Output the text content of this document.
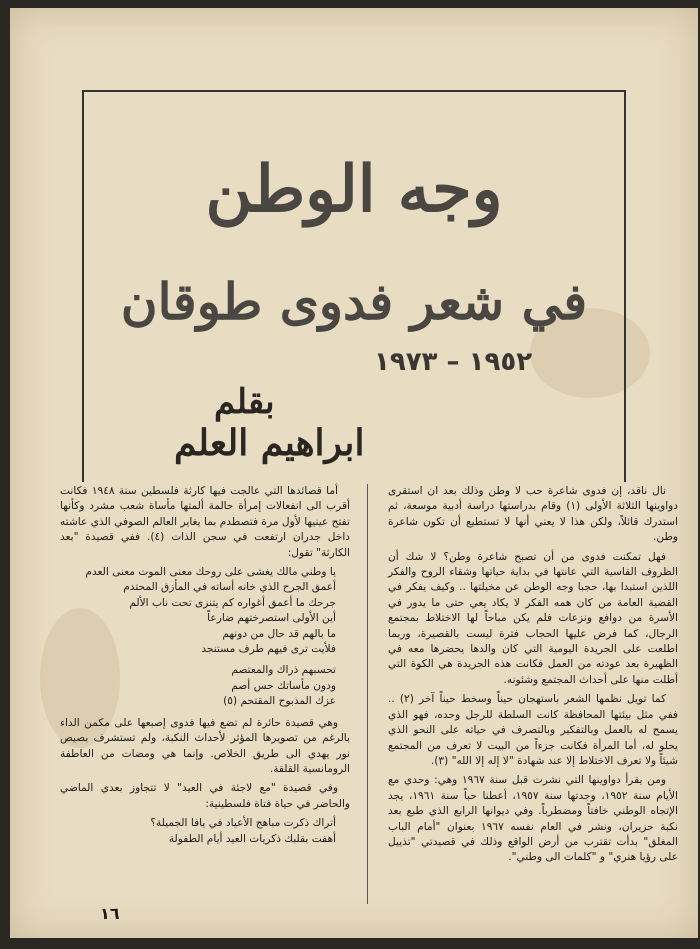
وجه الوطن
في شعر فدوى طوقان
١٩٥٢ – ١٩٧٣
بقلم
ابراهيم العلم

نال ناقد، إن فدوى شاعرة حب لا وطن وذلك بعد ان استقرى دواوينها الثلاثة الأولى (١) وقام بدراستها دراسة أدبية موسعة، ثم استدرك قائلاً، ولكن هذا لا يعني أنها لا تستطيع أن تكون شاعرة وطن.

فهل تمكنت فدوى من أن تصبح شاعرة وطن؟ لا شك أن الظروف القاسية التي عانتها في بداية حياتها وشقاء الروح والفكر اللذين استبدا بها، حجبا وجه الوطن عن مخيلتها .. وكيف يفكر في القضية العامة من كان همه الفكر لا يكاد يعي حتى ما يدور في الأسرة من دوافع ونزعات فلم يكن مباحاً لها الاختلاط بمجتمع الرجال، كما فرض عليها الحجاب فترة ليست بالقصيرة، وربما اطلعت على الجريدة اليومية التي كان والدها يحضرها معه في الظهيرة بعد عودته من العمل فكانت هذه الجريدة هي الكوة التي أطلت منها على أحداث المجتمع وشئونه.

كما تويل نظمها الشعر باستهجان حيناً وسخط حيناً آخر (٢) .. ففي مثل بيئتها المحافظة كانت السلطة للرجل وحده، فهو الذي يسمح له بالعمل وبالتفكير وبالتصرف في حياته على النحو الذي يحلو له، أما المرأة فكانت جزءاً من البيت لا تعرف من المجتمع شيئاً ولا تعرف الاختلاط إلا عند شهادة "لا إله إلا الله" (٣).

ومن يقرأ دواوينها التي نشرت قبل سنة ١٩٦٧ وهي: وحدي مع الأيام سنة ١٩٥٢، وجدتها سنة ١٩٥٧، أعطنا حباً سنة ١٩٦١، يجد الإتجاه الوطني خافتاً ومضطرباً. وفي ديوانها الرابع الذي طبع بعد نكبة حزيران، ونشر في العام نفسه ١٩٦٧ بعنوان "أمام الباب المغلق" بدأت تقترب من أرض الواقع وذلك في قصيدتي "تذييل على رؤيا هنري" و "كلمات الى وطني".

أما قصائدها التي عالجت فيها كارثة فلسطين سنة ١٩٤٨ فكانت أقرب الى انفعالات إمرأة حالمة ألمتها مأساة شعب مشرد وكأنها تفتح عينيها لأول مرة فتصطدم بما يغاير العالم الصوفي الذي عاشته داخل جدران ارتفعت في سجن الذات (٤). ففي قصيدة "بعد الكارثة" تقول:

يا وطني مالك يغشى على روحك معنى الموت معنى العدم
أعمق الجرح الذي خانه أساته في المأزق المحتدم
جرحك ما أعمق أغواره كم يتنزى تحت ناب الألم
أين الأولى استصرختهم ضارعاً
ما بالهم قد حال من دونهم
فلأيت ترى فيهم طرف مستنجد

تحسبهم ذراك والمعتصم
ودون مأساتك حس أصم
عزك المذبوح المقتحم (٥)

وهي قصيدة حائرة لم تضع فيها فدوى إصبعها على مكمن الداء بالرغم من تصويرها المؤثر لأحداث النكبة، ولم تستشرف بصيص نور يهدي الى طريق الخلاص. وإنما هي ومضات من العاطفة الرومانسية القلقة.

وفي قصيدة "مع لاجئة في العيد" لا تتجاوز بعدي الماضي والحاضر في حياة فتاة فلسطينية:

أتراك ذكرت مباهج الأعياد في يافا الجميلة؟
أهفت بقلبك ذكريات العيد أيام الطفولة

١٦
